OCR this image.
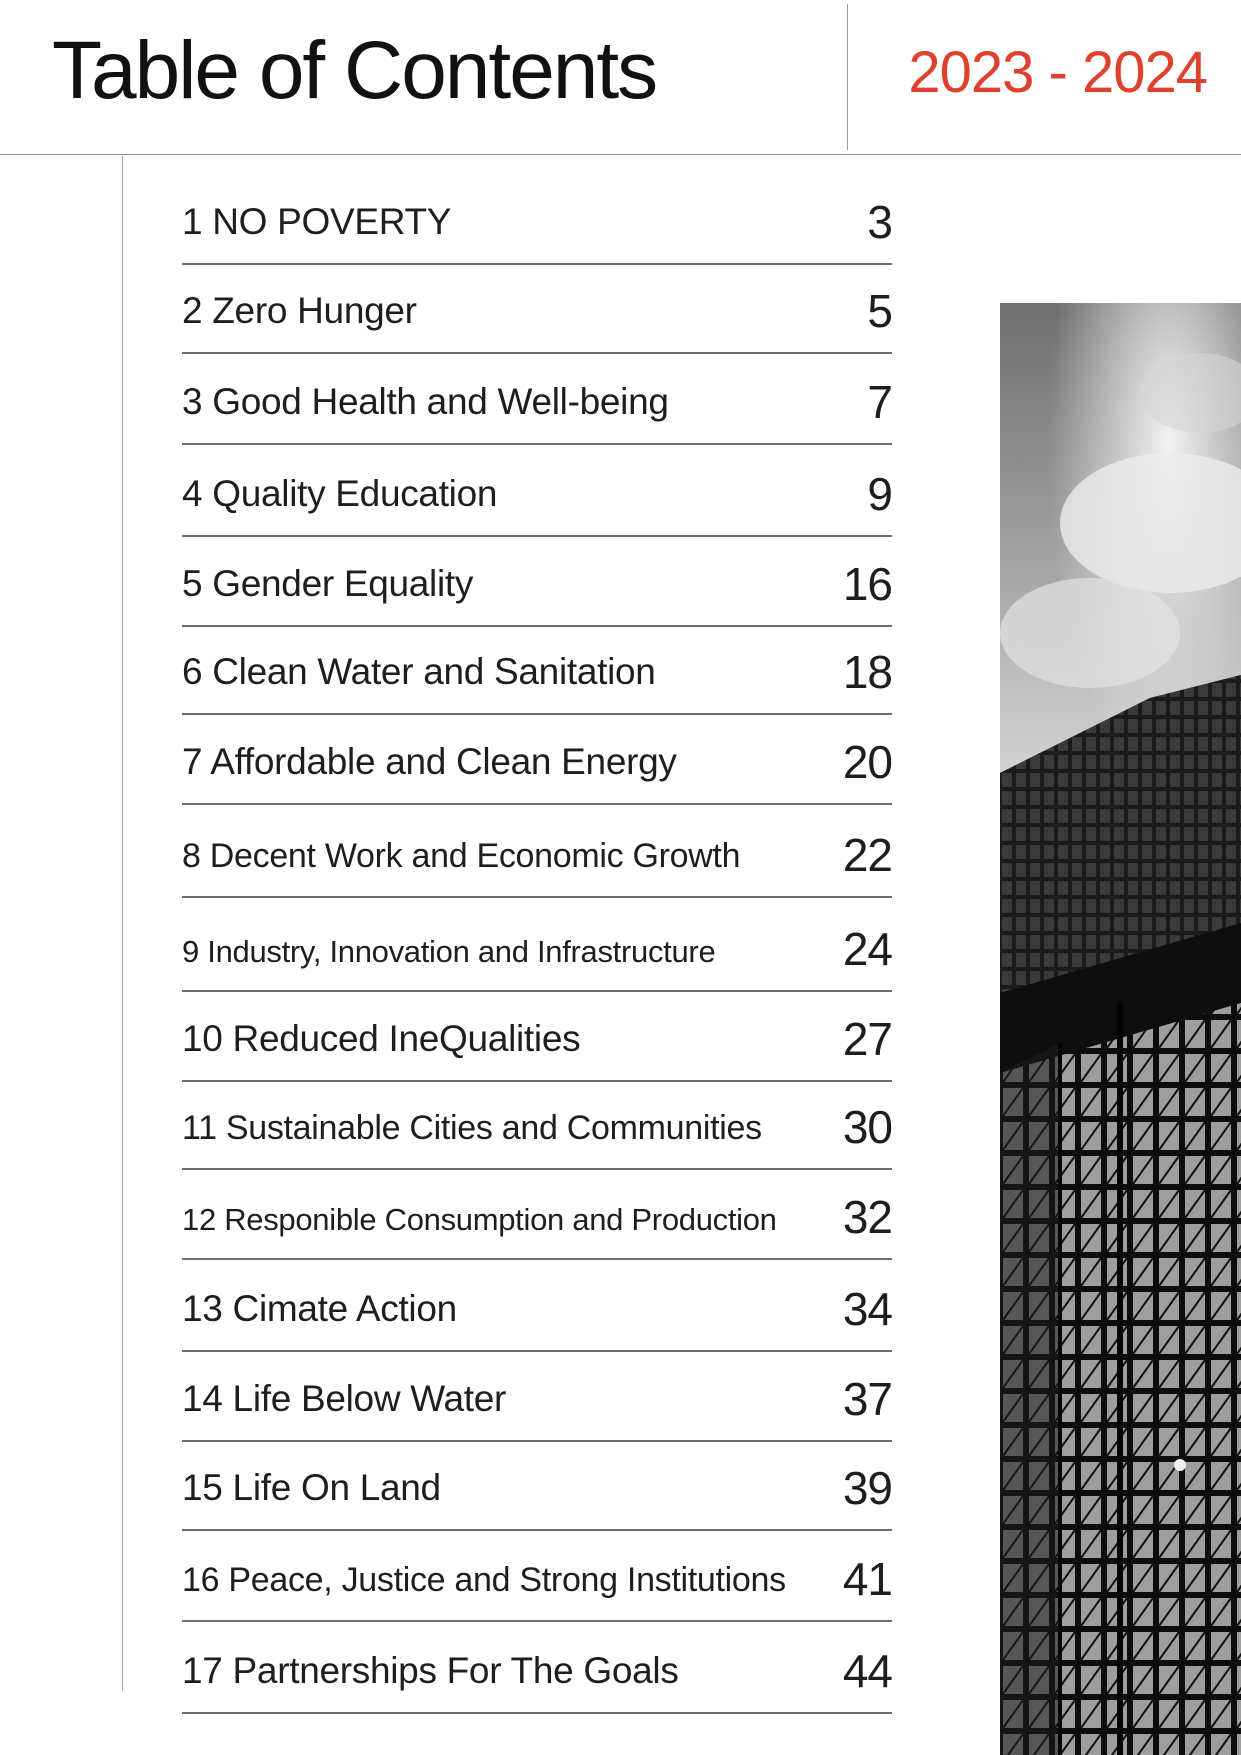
Table of Contents	2023 - 2024
1 NO POVERTY	3
2 Zero Hunger	5
3 Good Health and Well-being	7
4 Quality Education	9
5 Gender Equality	16
6 Clean Water and Sanitation	18
7 Affordable and Clean Energy	20
8 Decent Work and Economic Growth 22
9 Industry, Innovation and Infrastructure	24
10 Reduced IneQualities	27
11 Sustainable Cities and Communities 30
12 Responible Consumption and Production 32
13 Cimate Action	34
14 Life Below Water	37
15 Life On Land	39
16 Peace, Justice and Strong Institutions 41
17 Partnerships For The Goals	44
